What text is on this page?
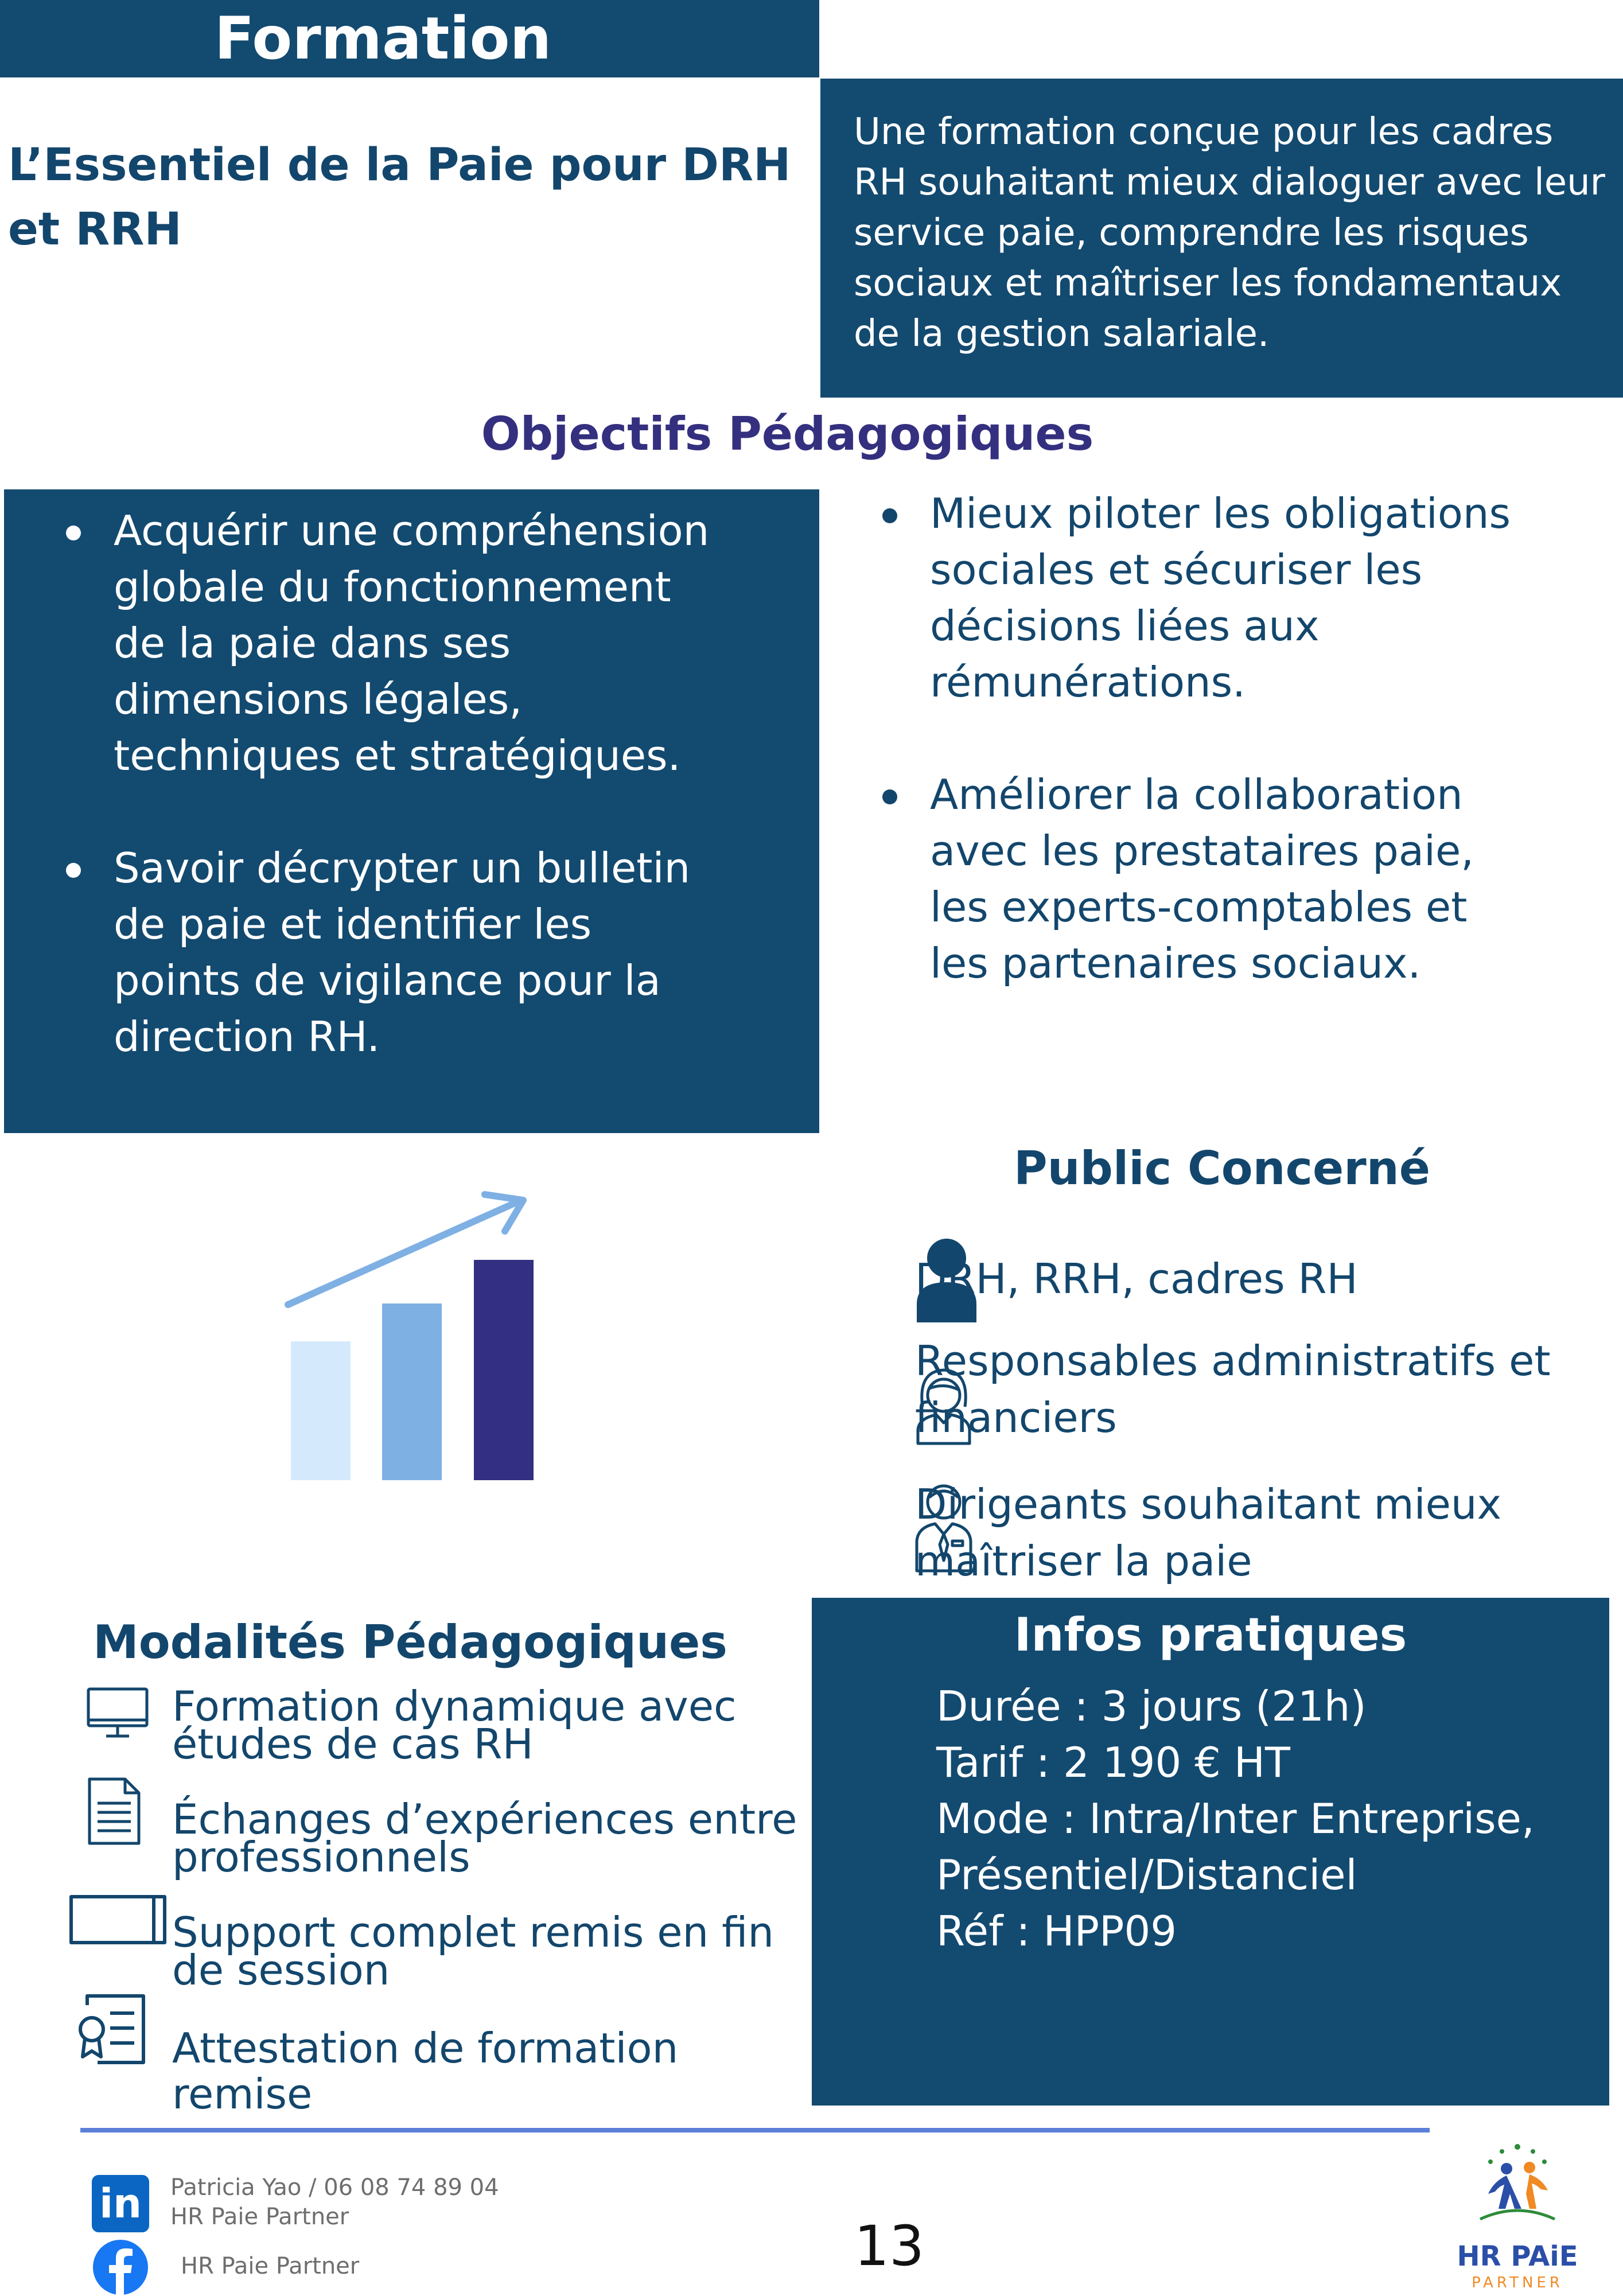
Formation
L’Essentiel de la Paie pour DRH et RRH
Une formation conçue pour les cadres RH souhaitant mieux dialoguer avec leur service paie, comprendre les risques sociaux et maîtriser les fondamentaux de la gestion salariale.
Objectifs Pédagogiques
Acquérir une compréhension globale du fonctionnement de la paie dans ses dimensions légales, techniques et stratégiques.
Savoir décrypter un bulletin de paie et identifier les points de vigilance pour la direction RH.
Mieux piloter les obligations sociales et sécuriser les décisions liées aux rémunérations.
Améliorer la collaboration avec les prestataires paie, les experts-comptables et les partenaires sociaux.
Public Concerné
DRH, RRH, cadres RH
Responsables administratifs et financiers
Dirigeants souhaitant mieux maîtriser la paie
Modalités Pédagogiques
Formation dynamique avec études de cas RH
Échanges d’expériences entre professionnels
Support complet remis en fin de session
Attestation de formation remise
Infos pratiques
Durée : 3 jours (21h)
Tarif : 2 190 € HT
Mode : Intra/Inter Entreprise,
Présentiel/Distanciel
Réf : HPP09
in	Patricia Yao / 06 08 74 89 04
HR Paie Partner
HR Paie Partner	13	HR PAiE
PARTNER
